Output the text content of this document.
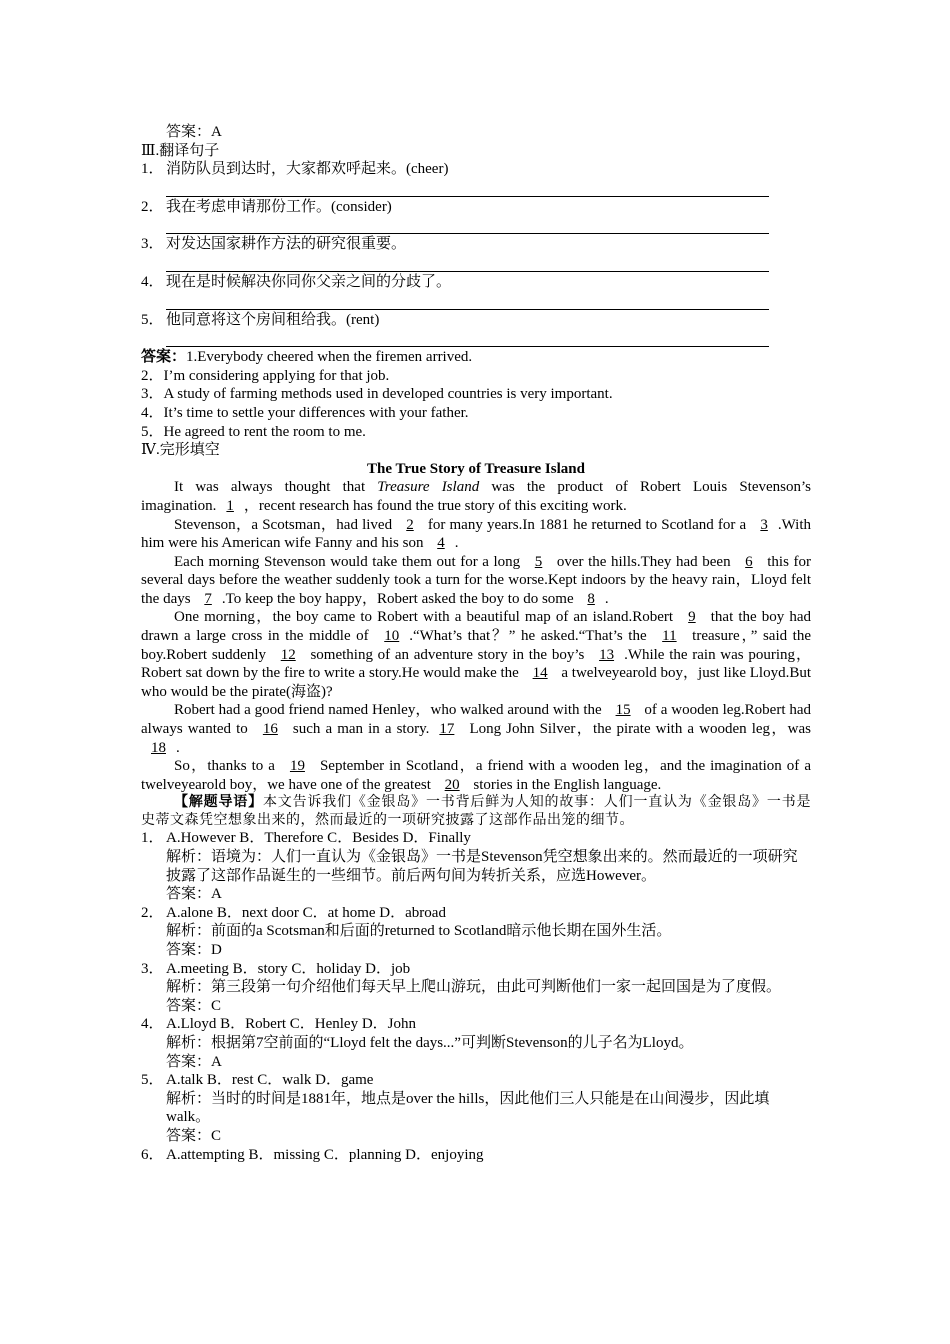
答案：A
Ⅲ.翻译句子
1． 消防队员到达时，大家都欢呼起来。(cheer)
2． 我在考虑申请那份工作。(consider)
3． 对发达国家耕作方法的研究很重要。
4． 现在是时候解决你同你父亲之间的分歧了。
5． 他同意将这个房间租给我。(rent)
答案：1.Everybody cheered when the firemen arrived.
2．I’m considering applying for that job.
3．A study of farming methods used in developed countries is very important.
4．It’s time to settle your differences with your father.
5．He agreed to rent the room to me.
Ⅳ.完形填空
The True Story of Treasure Island
It was always thought that Treasure Island was the product of Robert Louis Stevenson’s imagination. 1 ，recent research has found the true story of this exciting work.
Stevenson，a Scotsman，had lived 2 for many years.In 1881 he returned to Scotland for a 3 .With him were his American wife Fanny and his son 4 .
Each morning Stevenson would take them out for a long 5 over the hills.They had been 6 this for several days before the weather suddenly took a turn for the worse.Kept indoors by the heavy rain，Lloyd felt the days 7 .To keep the boy happy，Robert asked the boy to do some 8 .
One morning，the boy came to Robert with a beautiful map of an island.Robert 9 that the boy had drawn a large cross in the middle of 10 .“What’s that？” he asked.“That’s the 11 treasure，” said the boy.Robert suddenly 12 something of an adventure story in the boy’s 13 .While the rain was pouring，Robert sat down by the fire to write a story.He would make the 14 a twelveyearold boy，just like Lloyd.But who would be the pirate(海盗)?
Robert had a good friend named Henley，who walked around with the 15 of a wooden leg.Robert had always wanted to 16 such a man in a story. 17 Long John Silver，the pirate with a wooden leg，was 18 .
So，thanks to a 19 September in Scotland，a friend with a wooden leg，and the imagination of a twelveyearold boy，we have one of the greatest 20 stories in the English language.
【解题导语】本文告诉我们《金银岛》一书背后鲜为人知的故事：人们一直认为《金银岛》一书是史蒂文森凭空想象出来的，然而最近的一项研究披露了这部作品出笼的细节。
1． A.However B．Therefore C．Besides D．Finally
解析：语境为：人们一直认为《金银岛》一书是Stevenson凭空想象出来的。然而最近的一项研究披露了这部作品诞生的一些细节。前后两句间为转折关系，应选However。
答案：A
2． A.alone B．next door C．at home D．abroad
解析：前面的a Scotsman和后面的returned to Scotland暗示他长期在国外生活。
答案：D
3． A.meeting B．story C．holiday D．job
解析：第三段第一句介绍他们每天早上爬山游玩，由此可判断他们一家一起回国是为了度假。
答案：C
4． A.Lloyd B．Robert C．Henley D．John
解析：根据第7空前面的“Lloyd felt the days...”可判断Stevenson的儿子名为Lloyd。
答案：A
5． A.talk B．rest C．walk D．game
解析：当时的时间是1881年，地点是over the hills，因此他们三人只能是在山间漫步，因此填walk。
答案：C
6． A.attempting B．missing C．planning D．enjoying
